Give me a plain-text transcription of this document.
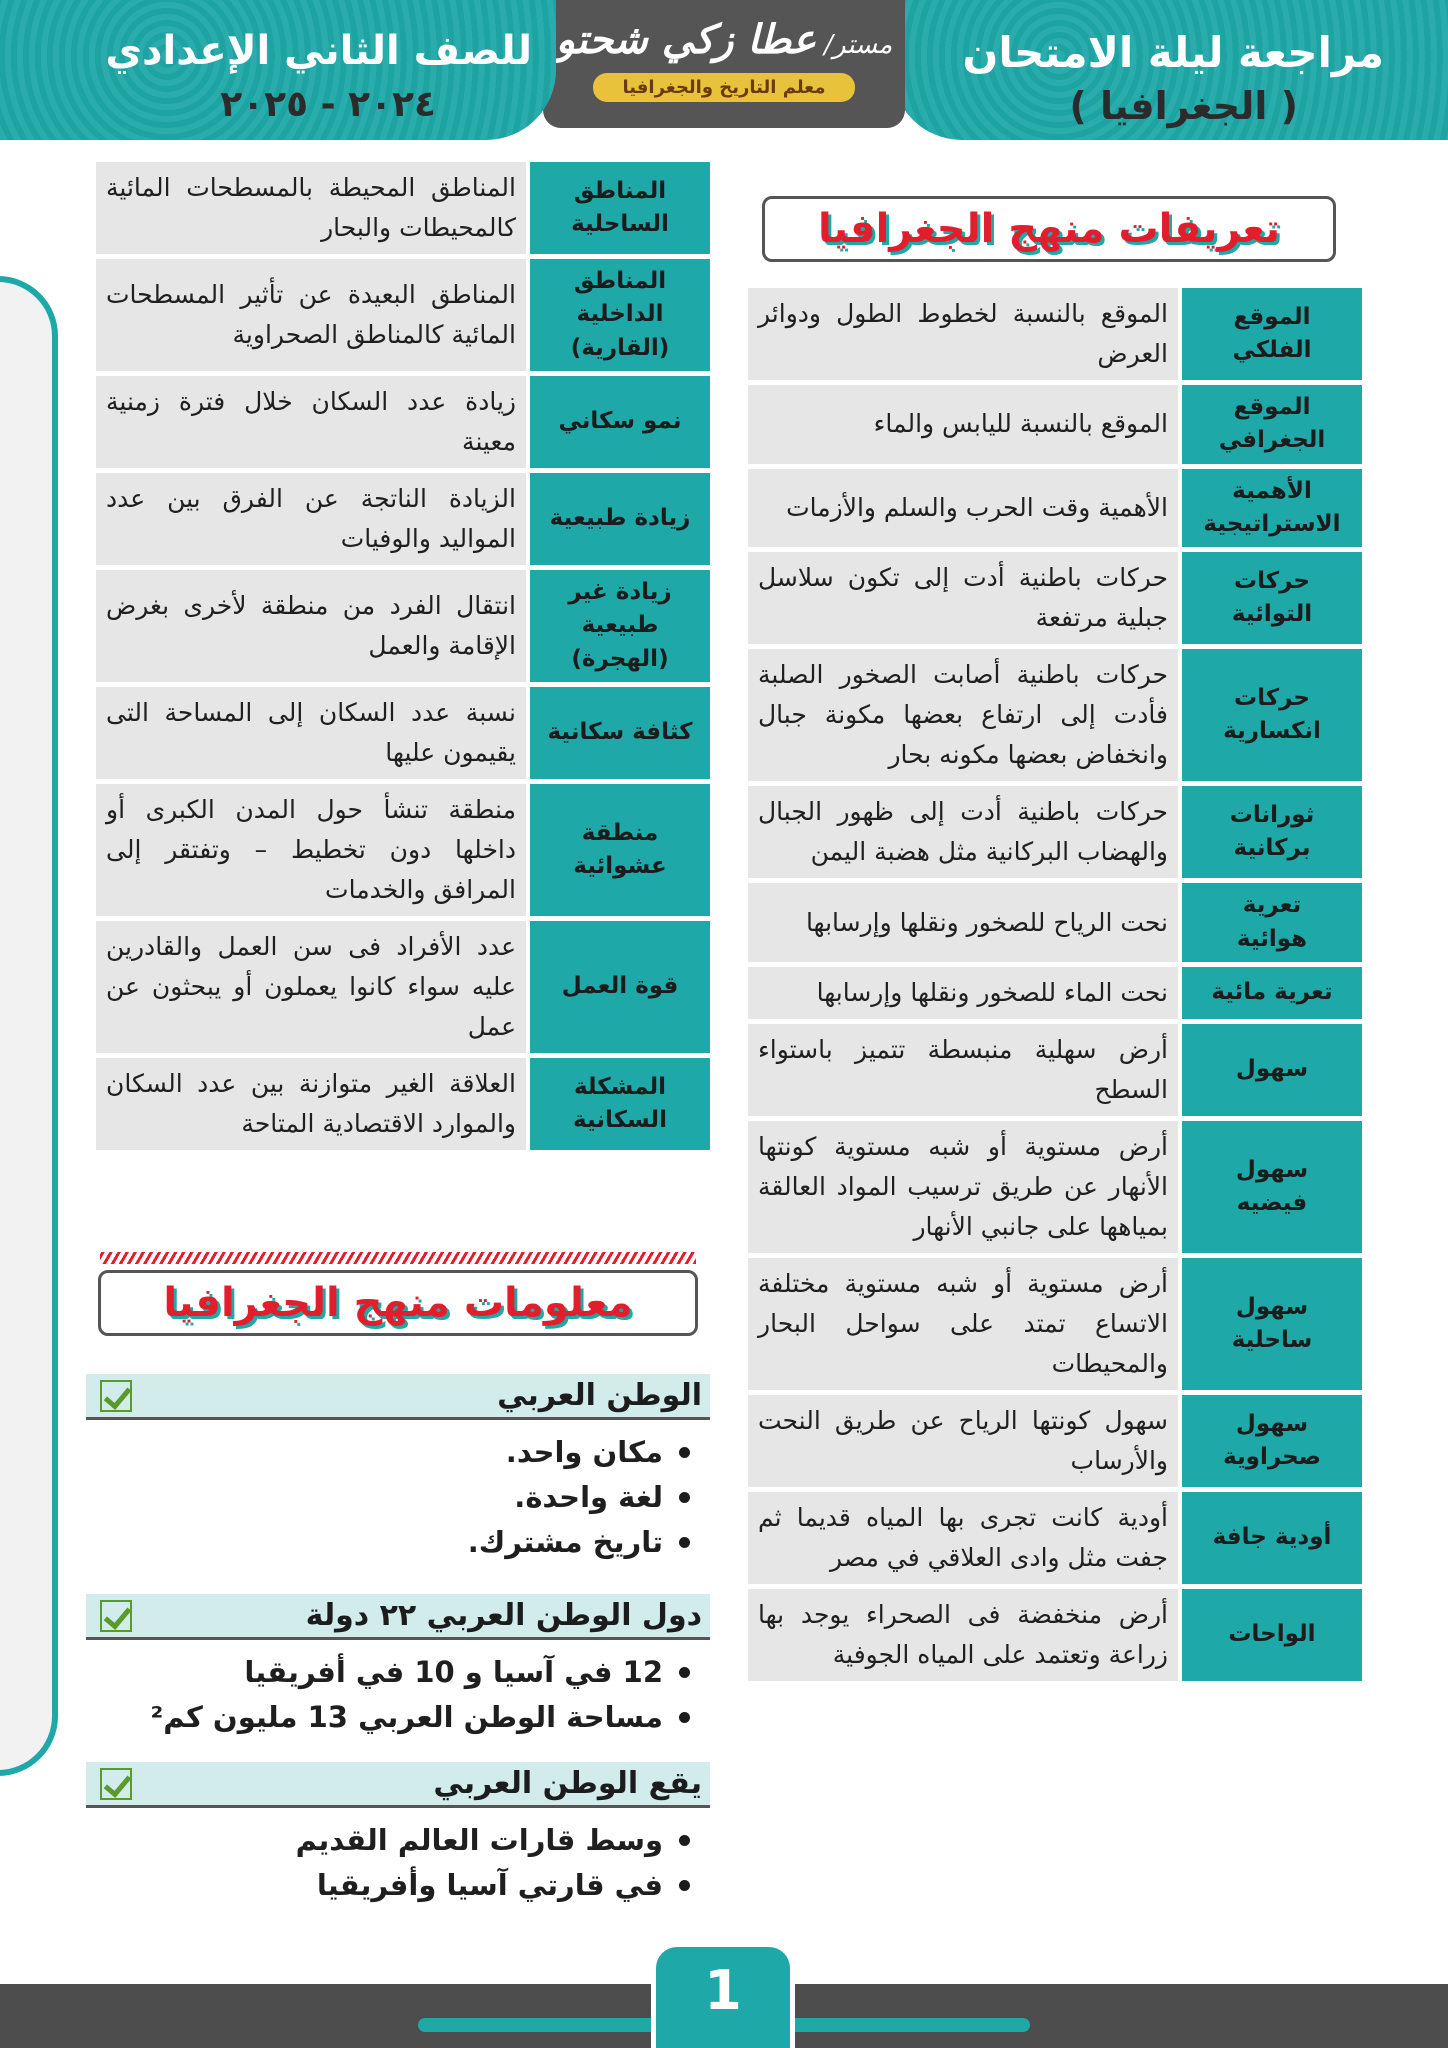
مراجعة ليلة الامتحان
( الجغرافيا )
مستر/
عطا زكي شحتو
معلم التاريخ والجغرافيا
للصف الثاني الإعدادي
٢٠٢٤ - ٢٠٢٥
تعريفات منهج الجغرافيا
الموقع
الفلكي
الموقع بالنسبة لخطوط الطول ودوائر العرض
الموقع
الجغرافي
الموقع بالنسبة لليابس والماء
الأهمية
الاستراتيجية
الأهمية وقت الحرب والسلم والأزمات
حركات
التوائية
حركات باطنية أدت إلى تكون سلاسل جبلية مرتفعة
حركات
انكسارية
حركات باطنية أصابت الصخور الصلبة فأدت إلى ارتفاع بعضها مكونة جبال وانخفاض بعضها مكونه بحار
ثورانات
بركانية
حركات باطنية أدت إلى ظهور الجبال والهضاب البركانية مثل هضبة اليمن
تعرية
هوائية
نحت الرياح للصخور ونقلها وإرسابها
تعرية مائية
نحت الماء للصخور ونقلها وإرسابها
سهول
أرض سهلية منبسطة تتميز باستواء السطح
سهول
فيضيه
أرض مستوية أو شبه مستوية كونتها الأنهار عن طريق ترسيب المواد العالقة بمياهها على جانبي الأنهار
سهول
ساحلية
أرض مستوية أو شبه مستوية مختلفة الاتساع تمتد على سواحل البحار والمحيطات
سهول
صحراوية
سهول كونتها الرياح عن طريق النحت والأرساب
أودية جافة
أودية كانت تجرى بها المياه قديما ثم جفت مثل وادى العلاقي في مصر
الواحات
أرض منخفضة فى الصحراء يوجد بها زراعة وتعتمد على المياه الجوفية
المناطق
الساحلية
المناطق المحيطة بالمسطحات المائية كالمحيطات والبحار
المناطق
الداخلية
(القارية)
المناطق البعيدة عن تأثير المسطحات المائية كالمناطق الصحراوية
نمو سكاني
زيادة عدد السكان خلال فترة زمنية معينة
زيادة طبيعية
الزيادة الناتجة عن الفرق بين عدد المواليد والوفيات
زيادة غير
طبيعية
(الهجرة)
انتقال الفرد من منطقة لأخرى بغرض الإقامة والعمل
كثافة سكانية
نسبة عدد السكان إلى المساحة التى يقيمون عليها
منطقة
عشوائية
منطقة تنشأ حول المدن الكبرى أو داخلها دون تخطيط – وتفتقر إلى المرافق والخدمات
قوة العمل
عدد الأفراد فى سن العمل والقادرين عليه سواء كانوا يعملون أو يبحثون عن عمل
المشكلة
السكانية
العلاقة الغير متوازنة بين عدد السكان والموارد الاقتصادية المتاحة
معلومات منهج الجغرافيا
الوطن العربي
مكان واحد.
لغة واحدة.
تاريخ مشترك.
دول الوطن العربي ٢٢ دولة
12 في آسيا و 10 في أفريقيا
مساحة الوطن العربي 13 مليون كم²
يقع الوطن العربي
وسط قارات العالم القديم
في قارتي آسيا وأفريقيا
1
